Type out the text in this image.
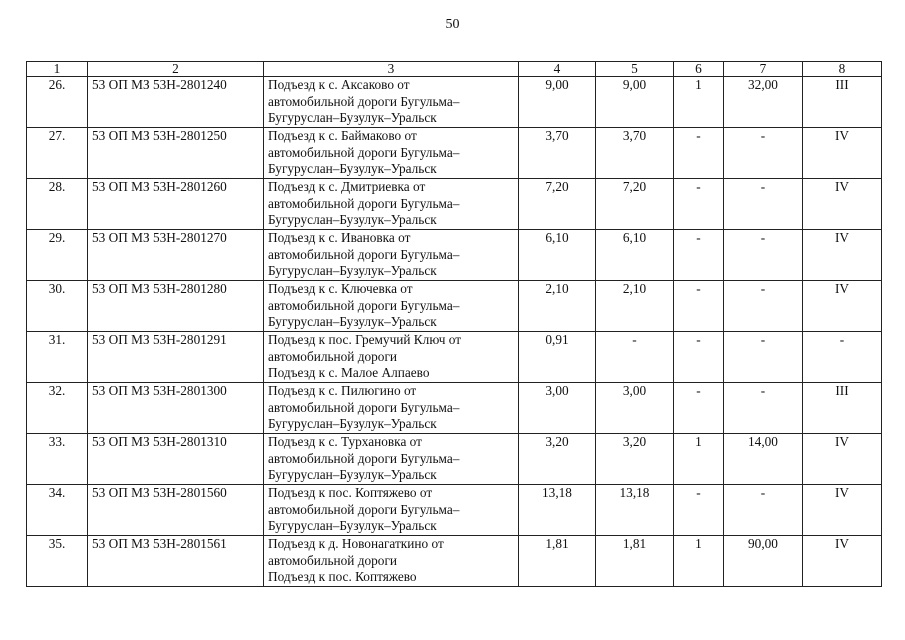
50
1	2	3	4	5	6	7	8
26.	53 ОП МЗ 53Н-2801240	Подъезд к с. Аксаково от
автомобильной дороги Бугульма–
Бугуруслан–Бузулук–Уральск	9,00	9,00	1	32,00	III
27.	53 ОП МЗ 53Н-2801250	Подъезд к с. Баймаково от
автомобильной дороги Бугульма–
Бугуруслан–Бузулук–Уральск	3,70	3,70	-	-	IV
28.	53 ОП МЗ 53Н-2801260	Подъезд к с. Дмитриевка от
автомобильной дороги Бугульма–
Бугуруслан–Бузулук–Уральск	7,20	7,20	-	-	IV
29.	53 ОП МЗ 53Н-2801270	Подъезд к с. Ивановка от
автомобильной дороги Бугульма–
Бугуруслан–Бузулук–Уральск	6,10	6,10	-	-	IV
30.	53 ОП МЗ 53Н-2801280	Подъезд к с. Ключевка от
автомобильной дороги Бугульма–
Бугуруслан–Бузулук–Уральск	2,10	2,10	-	-	IV
31.	53 ОП МЗ 53Н-2801291	Подъезд к пос. Гремучий Ключ от
автомобильной дороги
Подъезд к с. Малое Алпаево	0,91	-	-	-	-
32.	53 ОП МЗ 53Н-2801300	Подъезд к с. Пилюгино от
автомобильной дороги Бугульма–
Бугуруслан–Бузулук–Уральск	3,00	3,00	-	-	III
33.	53 ОП МЗ 53Н-2801310	Подъезд к с. Турхановка от
автомобильной дороги Бугульма–
Бугуруслан–Бузулук–Уральск	3,20	3,20	1	14,00	IV
34.	53 ОП МЗ 53Н-2801560	Подъезд к пос. Коптяжево от
автомобильной дороги Бугульма–
Бугуруслан–Бузулук–Уральск	13,18	13,18	-	-	IV
35.	53 ОП МЗ 53Н-2801561	Подъезд к д. Новонагаткино от
автомобильной дороги
Подъезд к пос. Коптяжево	1,81	1,81	1	90,00	IV
